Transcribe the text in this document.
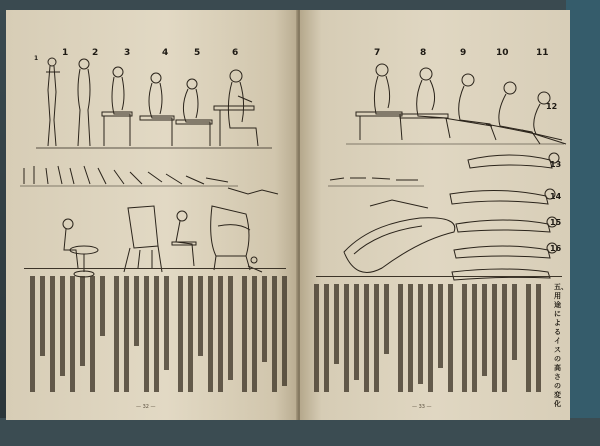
1
1	2	3	4	5	6
— 32 —
7	8	9	10	11
12
13
14
15
16
五、用途によるイスの高さの変化
— 33 —
